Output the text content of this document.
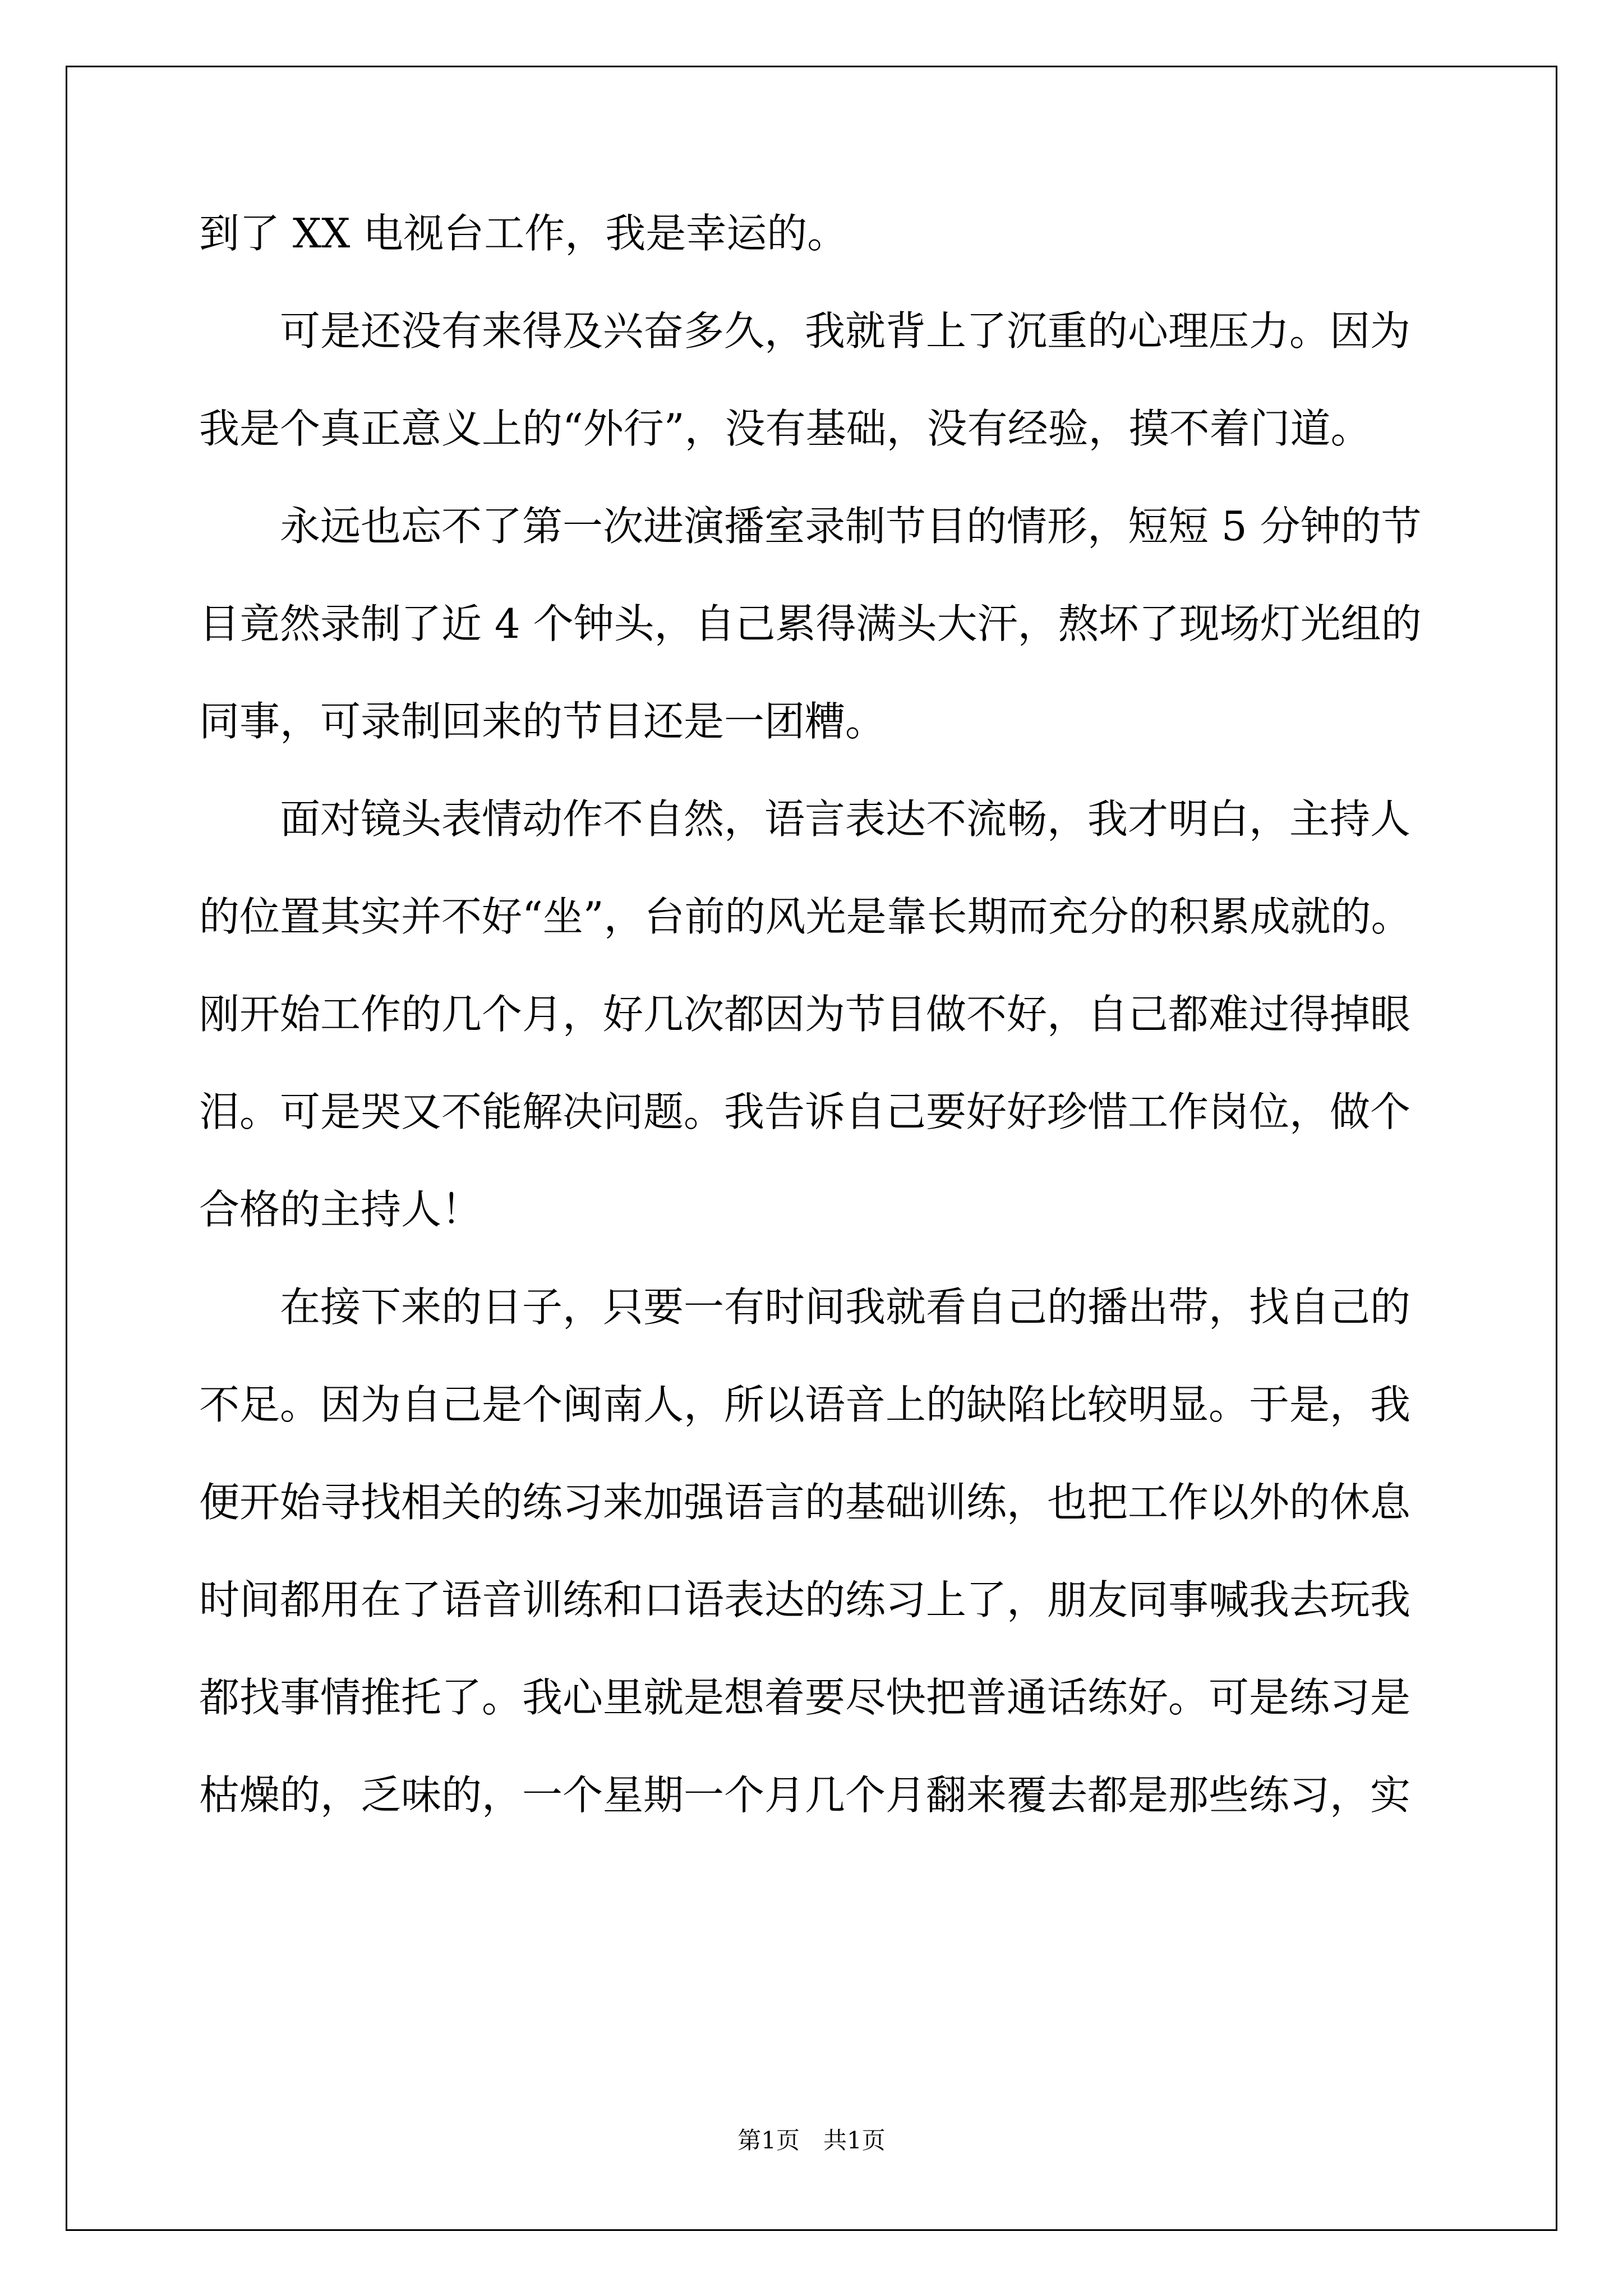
到了 XX 电视台工作，我是幸运的。
　　可是还没有来得及兴奋多久，我就背上了沉重的心理压力。因为
我是个真正意义上的“外行”，没有基础，没有经验，摸不着门道。
　　永远也忘不了第一次进演播室录制节目的情形，短短 5 分钟的节
目竟然录制了近 4 个钟头，自己累得满头大汗，熬坏了现场灯光组的
同事，可录制回来的节目还是一团糟。
　　面对镜头表情动作不自然，语言表达不流畅，我才明白，主持人
的位置其实并不好“坐”，台前的风光是靠长期而充分的积累成就的。
刚开始工作的几个月，好几次都因为节目做不好，自己都难过得掉眼
泪。可是哭又不能解决问题。我告诉自己要好好珍惜工作岗位，做个
合格的主持人！
　　在接下来的日子，只要一有时间我就看自己的播出带，找自己的
不足。因为自己是个闽南人，所以语音上的缺陷比较明显。于是，我
便开始寻找相关的练习来加强语言的基础训练，也把工作以外的休息
时间都用在了语音训练和口语表达的练习上了，朋友同事喊我去玩我
都找事情推托了。我心里就是想着要尽快把普通话练好。可是练习是
枯燥的，乏味的，一个星期一个月几个月翻来覆去都是那些练习，实
第1页　共1页
